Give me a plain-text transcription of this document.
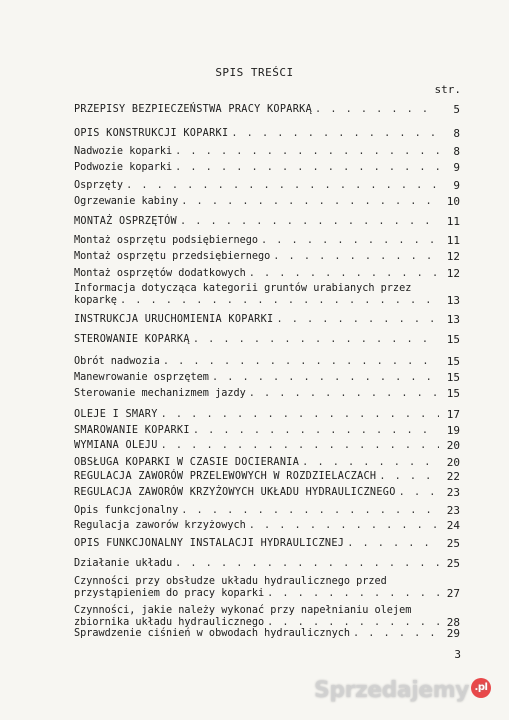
SPIS TREŚCI
str.
PRZEPISY BEZPIECZEŃSTWA PRACY KOPARKĄ . . .	5
OPIS KONSTRUKCJI KOPARKI . . .	8
Nadwozie koparki . . .	8
Podwozie koparki . . .	9
Osprzęty . . .	9
Ogrzewanie kabiny . . .	10
MONTAŻ OSPRZĘTÓW . . .	11
Montaż osprzętu podsiębiernego . . .	11
Montaż osprzętu przedsiębiernego . . .	12
Montaż osprzętów dodatkowych . . .	12
Informacja dotycząca kategorii gruntów urabianych przez
koparkę . . .	13
INSTRUKCJA URUCHOMIENIA KOPARKI . . .	13
STEROWANIE KOPARKĄ . . .	15
Obrót nadwozia . . .	15
Manewrowanie osprzętem . . .	15
Sterowanie mechanizmem jazdy . . .	15
OLEJE I SMARY . . .	17
SMAROWANIE KOPARKI . . .	19
WYMIANA OLEJU . . .	20
OBSŁUGA KOPARKI W CZASIE DOCIERANIA . . .	20
REGULACJA ZAWORÓW PRZELEWOWYCH W ROZDZIELACZACH . . .	22
REGULACJA ZAWORÓW KRZYŻOWYCH UKŁADU HYDRAULICZNEGO . . .	23
Opis funkcjonalny . . .	23
Regulacja zaworów krzyżowych . . .	24
OPIS FUNKCJONALNY INSTALACJI HYDRAULICZNEJ . . .	25
Działanie układu . . .	25
Czynności przy obsłudze układu hydraulicznego przed
przystąpieniem do pracy koparki . . .	27
Czynności, jakie należy wykonać przy napełnianiu olejem
zbiornika układu hydraulicznego . . .	28
Sprawdzenie ciśnień w obwodach hydraulicznych . . .	29
3
Sprzedajemy .pl
